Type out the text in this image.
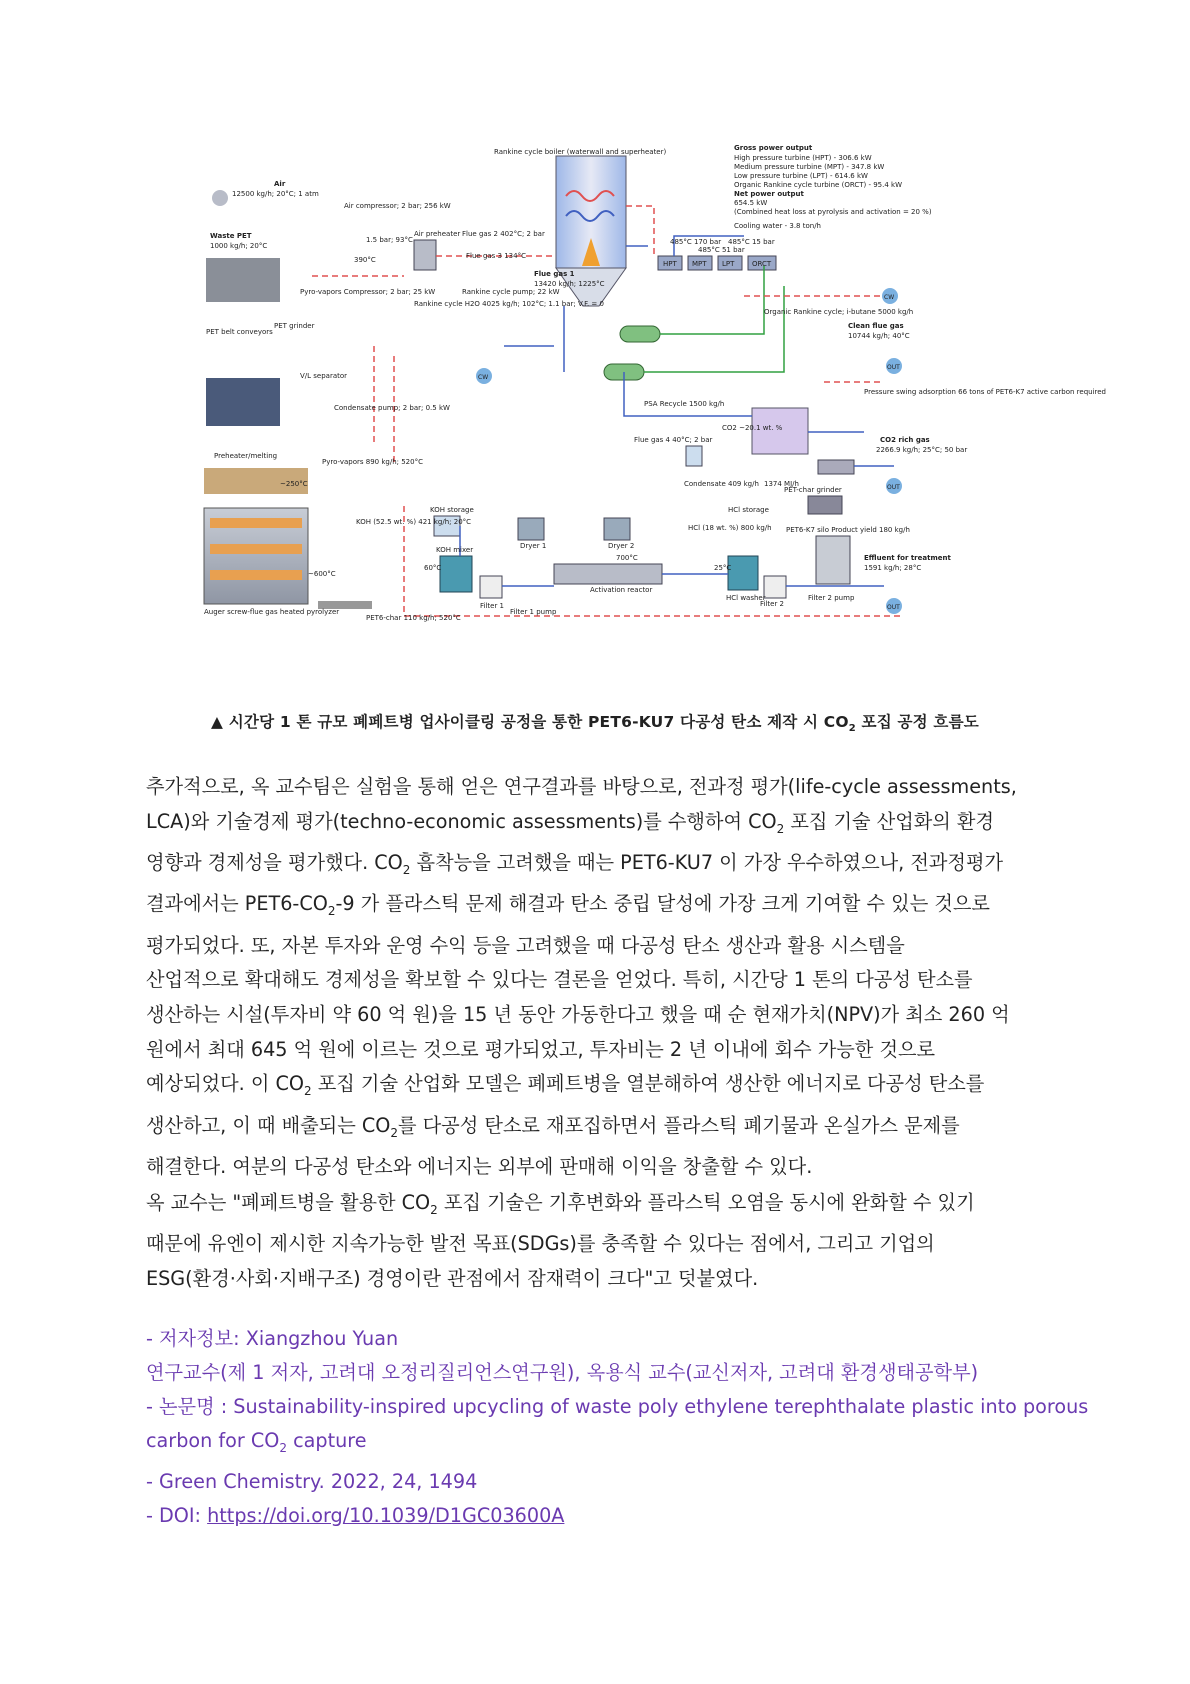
Air
12500 kg/h; 20°C; 1 atm
Air compressor; 2 bar; 256 kW
Waste PET
1000 kg/h; 20°C
PET belt conveyors
PET grinder
Preheater/melting
Pyro-vapors Compressor; 2 bar; 25 kW
V/L separator
Condensate pump; 2 bar; 0.5 kW
Pyro-vapors 890 kg/h; 520°C
~250°C
~600°C
Auger screw-flue gas heated pyrolyzer
PET6-char 110 kg/h; 520°C
Air preheater Flue gas 2 402°C; 2 bar
Flue gas 3 134°C
390°C
1.5 bar; 93°C
Rankine cycle boiler (waterwall and superheater)
Flue gas 1
13420 kg/h; 1225°C
Rankine cycle pump; 22 kW
Rankine cycle H2O 4025 kg/h; 102°C; 1.1 bar; V.F. = 0
KOH storage
KOH mixer
KOH (52.5 wt. %) 421 kg/h; 20°C
Dryer 1	Dryer 2
Filter 1
Filter 1 pump
Activation reactor
700°C
60°C	25°C
HCl storage
HCl (18 wt. %) 800 kg/h
HCl washer
Filter 2
Filter 2 pump
PET-char grinder
PET6-K7 silo Product yield 180 kg/h
Effluent for treatment
1591 kg/h; 28°C
Gross power output
High pressure turbine (HPT) - 306.6 kW
Medium pressure turbine (MPT) - 347.8 kW
Low pressure turbine (LPT) - 614.6 kW
Organic Rankine cycle turbine (ORCT) - 95.4 kW
Net power output
654.5 kW
(Combined heat loss at pyrolysis and activation = 20 %)
Cooling water - 3.8 ton/h
485°C 170 bar
485°C 51 bar
485°C 15 bar
HPT MPT LPT	ORCT
Organic Rankine cycle; i-butane 5000 kg/h
Clean flue gas
10744 kg/h; 40°C
PSA Recycle 1500 kg/h
Pressure swing adsorption 66 tons of PET6-K7 active carbon required
CO2 rich gas
2266.9 kg/h; 25°C; 50 bar
Flue gas 4 40°C; 2 bar
Condensate 409 kg/h 1374 MJ/h
CO2 ~20.1 wt. %
CW
CW
OUT
OUT
OUT
▲ 시간당 1 톤 규모 폐페트병 업사이클링 공정을 통한 PET6-KU7 다공성 탄소 제작 시 $CO_2$ 포집 공정 흐름도
추가적으로, 옥 교수팀은 실험을 통해 얻은 연구결과를 바탕으로, 전과정 평가(life-cycle assessments,
LCA)와 기술경제 평가(techno-economic assessments)를 수행하여 $CO_2$ 포집 기술 산업화의 환경
영향과 경제성을 평가했다. $CO_2$ 흡착능을 고려했을 때는 PET6-KU7 이 가장 우수하였으나, 전과정평가
결과에서는 $PET6-CO_2-9$ 가 플라스틱 문제 해결과 탄소 중립 달성에 가장 크게 기여할 수 있는 것으로
평가되었다. 또, 자본 투자와 운영 수익 등을 고려했을 때 다공성 탄소 생산과 활용 시스템을
산업적으로 확대해도 경제성을 확보할 수 있다는 결론을 얻었다. 특히, 시간당 1 톤의 다공성 탄소를
생산하는 시설(투자비 약 60 억 원)을 15 년 동안 가동한다고 했을 때 순 현재가치(NPV)가 최소 260 억
원에서 최대 645 억 원에 이르는 것으로 평가되었고, 투자비는 2 년 이내에 회수 가능한 것으로
예상되었다. 이 $CO_2$ 포집 기술 산업화 모델은 폐페트병을 열분해하여 생산한 에너지로 다공성 탄소를
생산하고, 이 때 배출되는 $CO_2$를 다공성 탄소로 재포집하면서 플라스틱 폐기물과 온실가스 문제를
해결한다. 여분의 다공성 탄소와 에너지는 외부에 판매해 이익을 창출할 수 있다.
옥 교수는 "폐페트병을 활용한 $CO_2$ 포집 기술은 기후변화와 플라스틱 오염을 동시에 완화할 수 있기
때문에 유엔이 제시한 지속가능한 발전 목표(SDGs)를 충족할 수 있다는 점에서, 그리고 기업의
ESG(환경·사회·지배구조) 경영이란 관점에서 잠재력이 크다"고 덧붙였다.
- 저자정보: Xiangzhou Yuan
연구교수(제 1 저자, 고려대 오정리질리언스연구원), 옥용식 교수(교신저자, 고려대 환경생태공학부)
- 논문명 : Sustainability-inspired upcycling of waste poly ethylene terephthalate plastic into porous
carbon for $CO_2$ capture
- Green Chemistry. 2022, 24, 1494
- DOI: https://doi.org/10.1039/D1GC03600A
